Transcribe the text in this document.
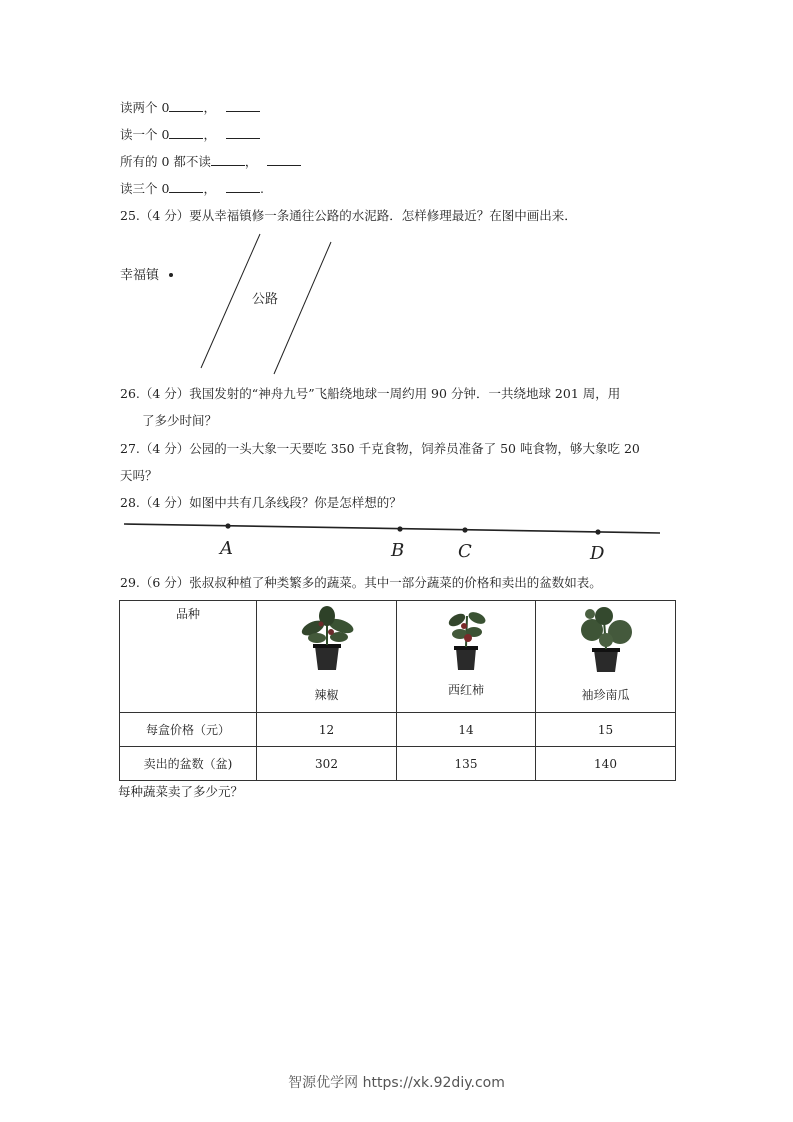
读两个 0	，
读一个 0	，
所有的 0 都不读	，
读三个 0	，	.
25.（4 分）要从幸福镇修一条通往公路的水泥路．怎样修理最近？在图中画出来．
幸福镇
公路
26.（4 分）我国发射的“神舟九号”飞船绕地球一周约用 90 分钟．一共绕地球 201 周，用
了多少时间？
27.（4 分）公园的一头大象一天要吃 350 千克食物，饲养员准备了 50 吨食物，够大象吃 20
天吗？
28.（4 分）如图中共有几条线段？你是怎样想的？
A	B	C	D
29.（6 分）张叔叔种植了种类繁多的蔬菜。其中一部分蔬菜的价格和卖出的盆数如表。
品种	辣椒	西红柿	袖珍南瓜

每盒价格（元）	12	14	15
卖出的盆数（盆)	302	135	140
每种蔬菜卖了多少元？
智源优学网 https://xk.92diy.com
